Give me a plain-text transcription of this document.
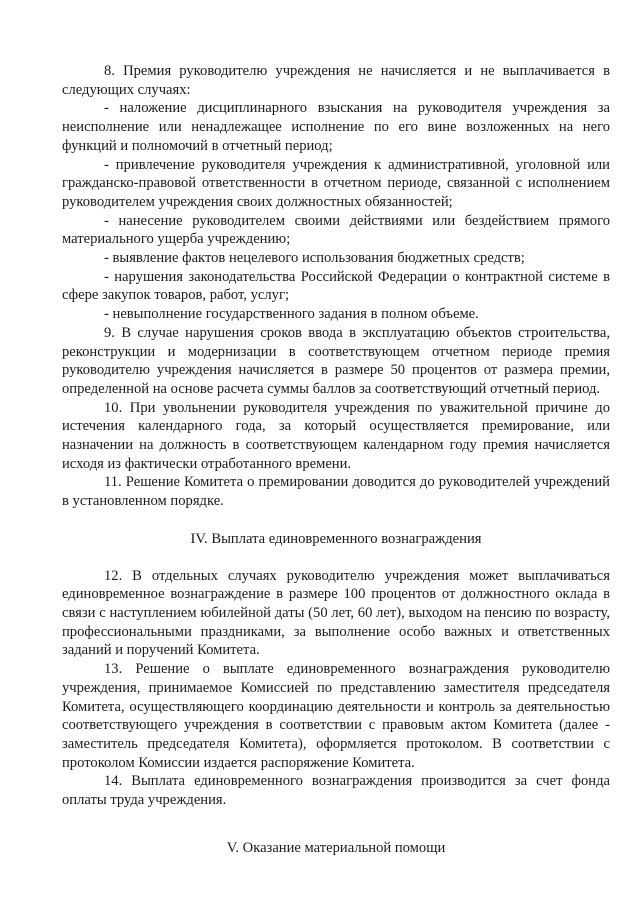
8. Премия руководителю учреждения не начисляется и не выплачивается в следующих случаях:

- наложение дисциплинарного взыскания на руководителя учреждения за неисполнение или ненадлежащее исполнение по его вине возложенных на него функций и полномочий в отчетный период;

- привлечение руководителя учреждения к административной, уголовной или гражданско-правовой ответственности в отчетном периоде, связанной с исполнением руководителем учреждения своих должностных обязанностей;

- нанесение руководителем своими действиями или бездействием прямого материального ущерба учреждению;

- выявление фактов нецелевого использования бюджетных средств;

- нарушения законодательства Российской Федерации о контрактной системе в сфере закупок товаров, работ, услуг;

- невыполнение государственного задания в полном объеме.

9. В случае нарушения сроков ввода в эксплуатацию объектов строительства, реконструкции и модернизации в соответствующем отчетном периоде премия руководителю учреждения начисляется в размере 50 процентов от размера премии, определенной на основе расчета суммы баллов за соответствующий отчетный период.

10. При увольнении руководителя учреждения по уважительной причине до истечения календарного года, за который осуществляется премирование, или назначении на должность в соответствующем календарном году премия начисляется исходя из фактически отработанного времени.

11. Решение Комитета о премировании доводится до руководителей учреждений в установленном порядке.

IV. Выплата единовременного вознаграждения

12. В отдельных случаях руководителю учреждения может выплачиваться единовременное вознаграждение в размере 100 процентов от должностного оклада в связи с наступлением юбилейной даты (50 лет, 60 лет), выходом на пенсию по возрасту, профессиональными праздниками, за выполнение особо важных и ответственных заданий и поручений Комитета.

13. Решение о выплате единовременного вознаграждения руководителю учреждения, принимаемое Комиссией по представлению заместителя председателя Комитета, осуществляющего координацию деятельности и контроль за деятельностью соответствующего учреждения в соответствии с правовым актом Комитета (далее - заместитель председателя Комитета), оформляется протоколом. В соответствии с протоколом Комиссии издается распоряжение Комитета.

14. Выплата единовременного вознаграждения производится за счет фонда оплаты труда учреждения.

V. Оказание материальной помощи
